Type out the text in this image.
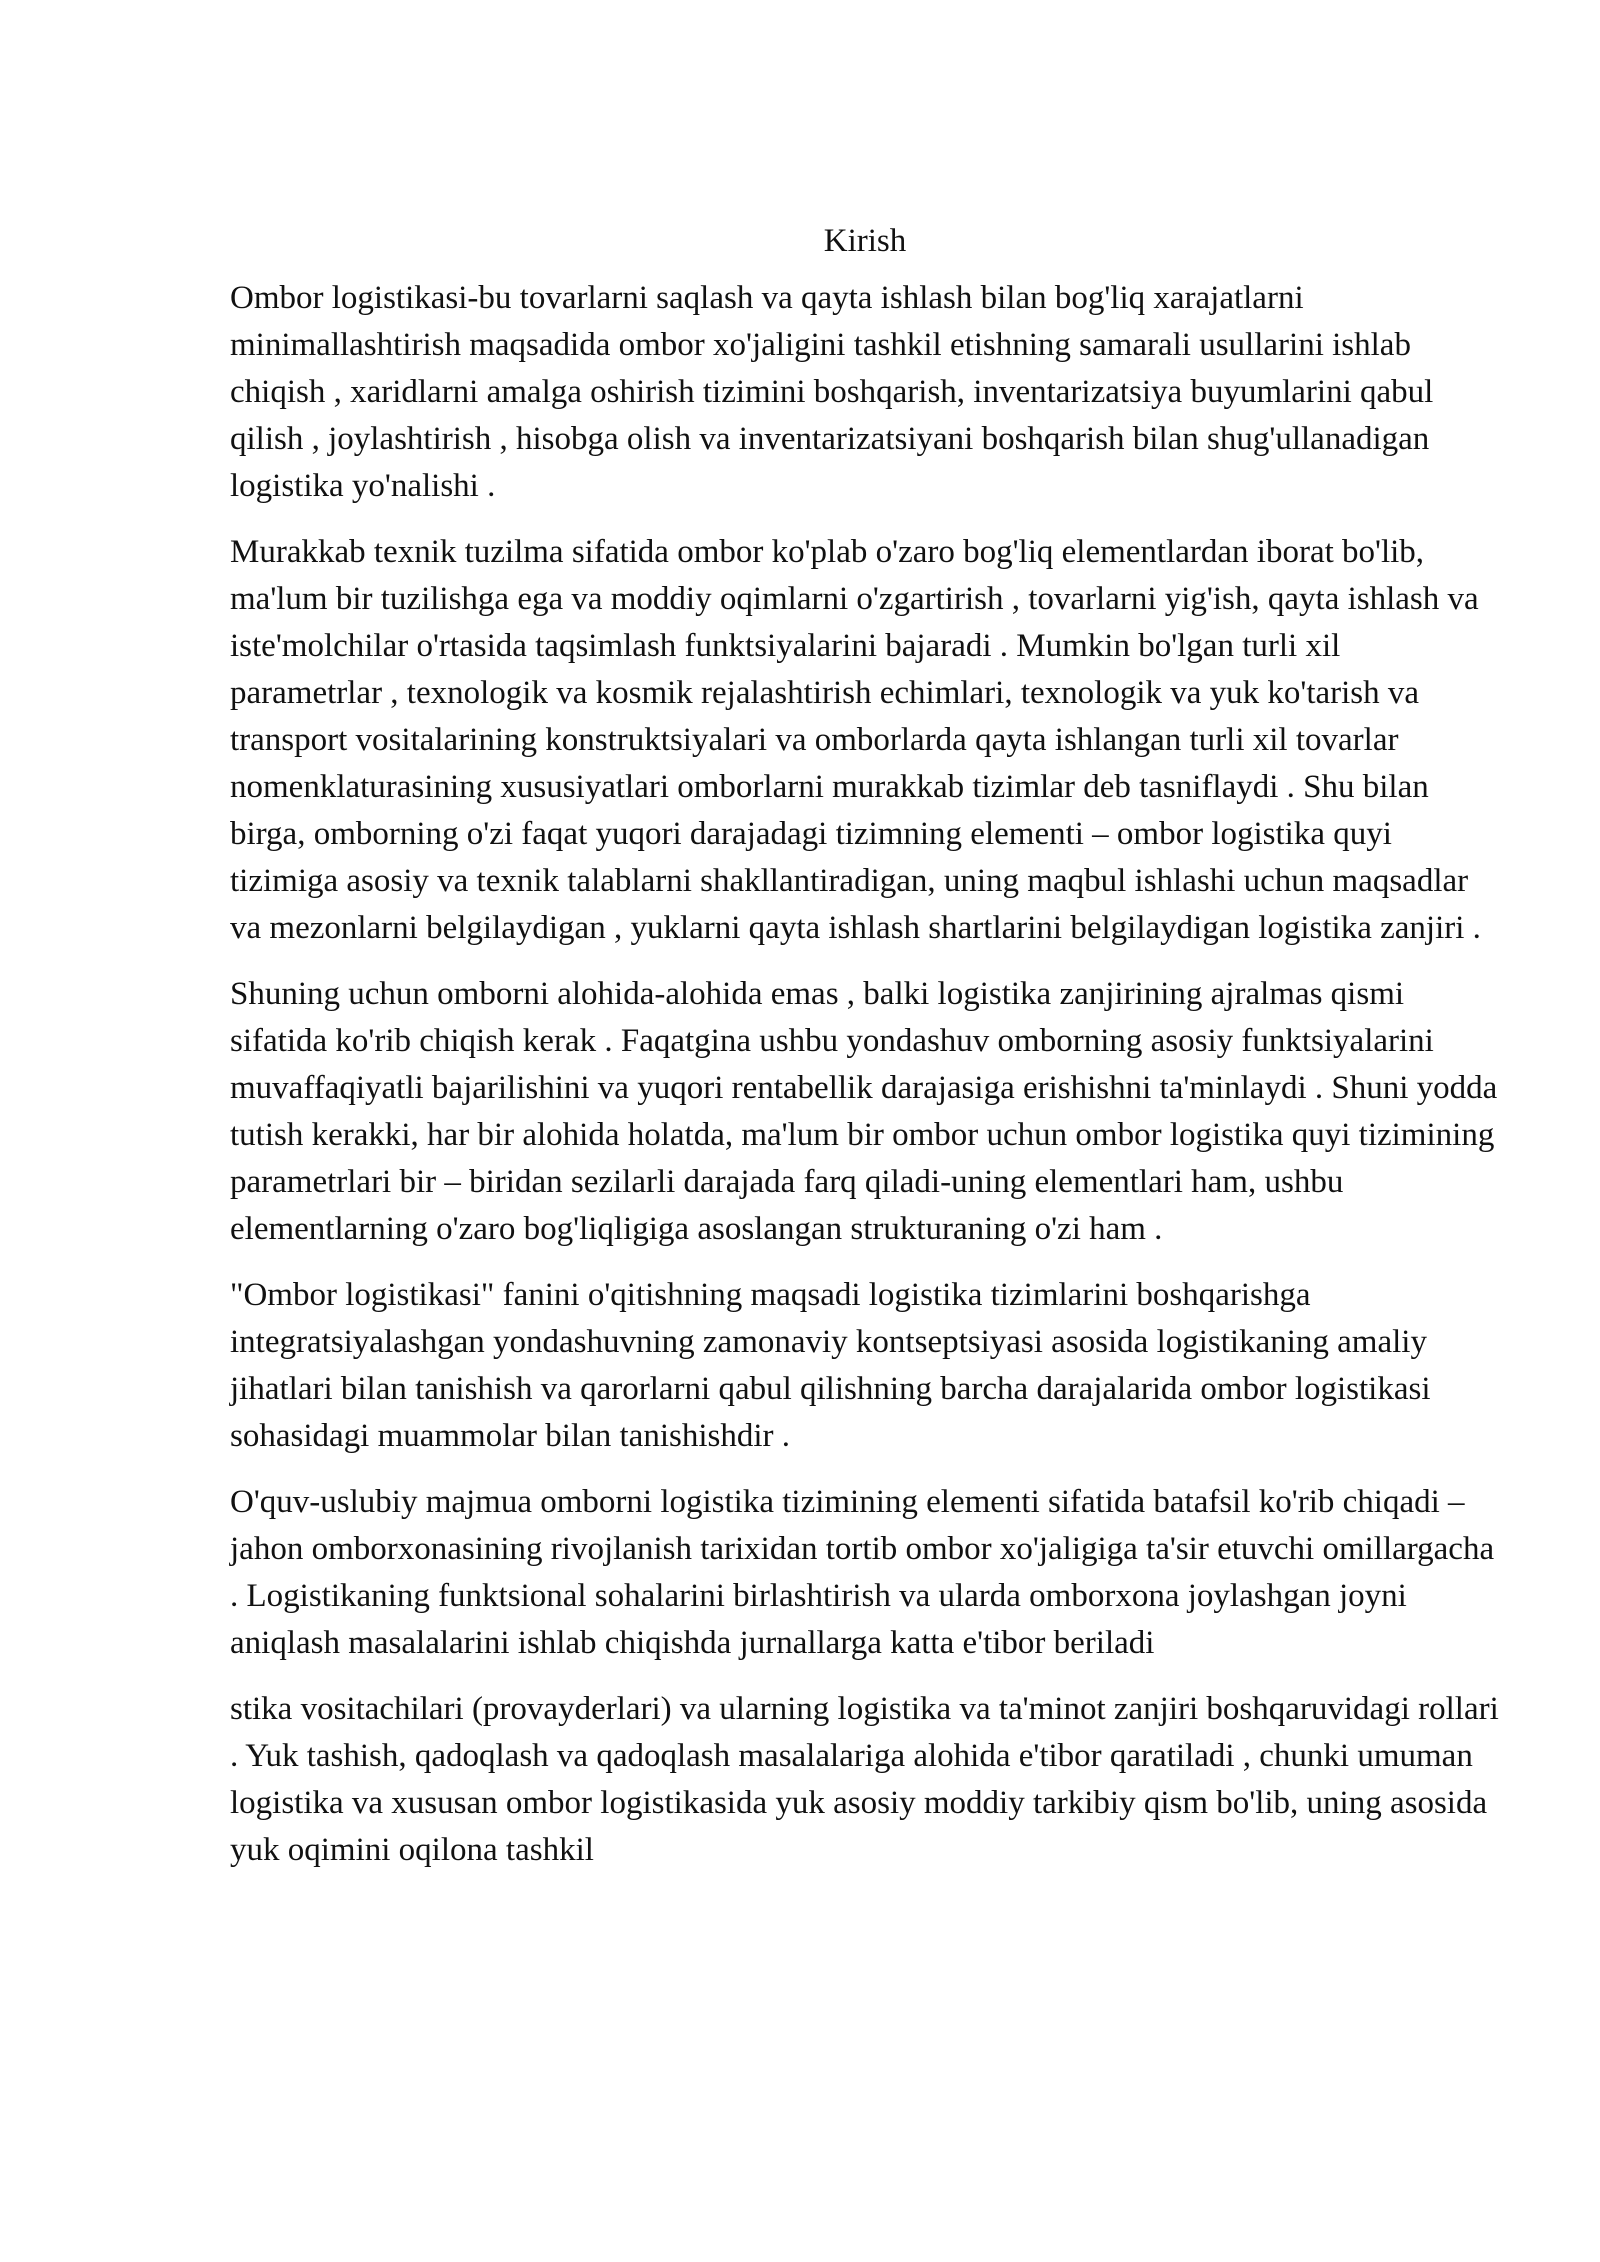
Kirish

Ombor logistikasi-bu tovarlarni saqlash va qayta ishlash bilan bog'liq xarajatlarni minimallashtirish maqsadida ombor xo'jaligini tashkil etishning samarali usullarini ishlab chiqish , xaridlarni amalga oshirish tizimini boshqarish, inventarizatsiya buyumlarini qabul qilish , joylashtirish , hisobga olish va inventarizatsiyani boshqarish bilan shug'ullanadigan logistika yo'nalishi .

Murakkab texnik tuzilma sifatida ombor ko'plab o'zaro bog'liq elementlardan iborat bo'lib, ma'lum bir tuzilishga ega va moddiy oqimlarni o'zgartirish , tovarlarni yig'ish, qayta ishlash va iste'molchilar o'rtasida taqsimlash funktsiyalarini bajaradi . Mumkin bo'lgan turli xil parametrlar , texnologik va kosmik rejalashtirish echimlari, texnologik va yuk ko'tarish va transport vositalarining konstruktsiyalari va omborlarda qayta ishlangan turli xil tovarlar nomenklaturasining xususiyatlari omborlarni murakkab tizimlar deb tasniflaydi . Shu bilan birga, omborning o'zi faqat yuqori darajadagi tizimning elementi – ombor logistika quyi tizimiga asosiy va texnik talablarni shakllantiradigan, uning maqbul ishlashi uchun maqsadlar va mezonlarni belgilaydigan , yuklarni qayta ishlash shartlarini belgilaydigan logistika zanjiri .

Shuning uchun omborni alohida-alohida emas , balki logistika zanjirining ajralmas qismi sifatida ko'rib chiqish kerak . Faqatgina ushbu yondashuv omborning asosiy funktsiyalarini muvaffaqiyatli bajarilishini va yuqori rentabellik darajasiga erishishni ta'minlaydi . Shuni yodda tutish kerakki, har bir alohida holatda, ma'lum bir ombor uchun ombor logistika quyi tizimining parametrlari bir – biridan sezilarli darajada farq qiladi-uning elementlari ham, ushbu elementlarning o'zaro bog'liqligiga asoslangan strukturaning o'zi ham .

"Ombor logistikasi" fanini o'qitishning maqsadi logistika tizimlarini boshqarishga integratsiyalashgan yondashuvning zamonaviy kontseptsiyasi asosida logistikaning amaliy jihatlari bilan tanishish va qarorlarni qabul qilishning barcha darajalarida ombor logistikasi sohasidagi muammolar bilan tanishishdir .

O'quv-uslubiy majmua omborni logistika tizimining elementi sifatida batafsil ko'rib chiqadi – jahon omborxonasining rivojlanish tarixidan tortib ombor xo'jaligiga ta'sir etuvchi omillargacha . Logistikaning funktsional sohalarini birlashtirish va ularda omborxona joylashgan joyni aniqlash masalalarini ishlab chiqishda jurnallarga katta e'tibor beriladi

stika vositachilari (provayderlari) va ularning logistika va ta'minot zanjiri boshqaruvidagi rollari . Yuk tashish, qadoqlash va qadoqlash masalalariga alohida e'tibor qaratiladi , chunki umuman logistika va xususan ombor logistikasida yuk asosiy moddiy tarkibiy qism bo'lib, uning asosida yuk oqimini oqilona tashkil
